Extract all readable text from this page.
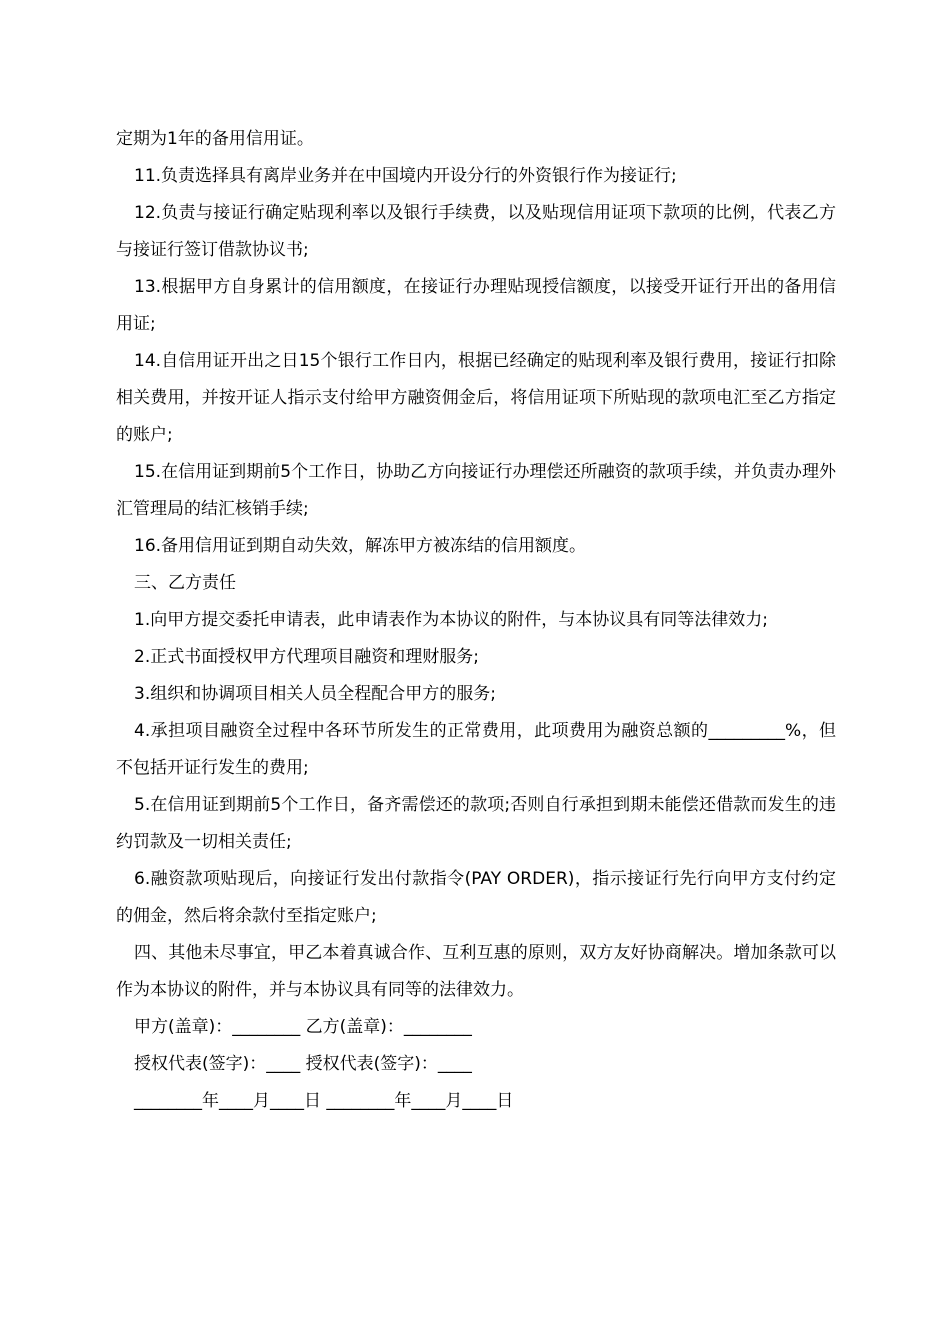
定期为1年的备用信用证。

11.负责选择具有离岸业务并在中国境内开设分行的外资银行作为接证行;

12.负责与接证行确定贴现利率以及银行手续费，以及贴现信用证项下款项的比例，代表乙方与接证行签订借款协议书;

13.根据甲方自身累计的信用额度，在接证行办理贴现授信额度，以接受开证行开出的备用信用证;

14.自信用证开出之日15个银行工作日内，根据已经确定的贴现利率及银行费用，接证行扣除相关费用，并按开证人指示支付给甲方融资佣金后，将信用证项下所贴现的款项电汇至乙方指定的账户;

15.在信用证到期前5个工作日，协助乙方向接证行办理偿还所融资的款项手续，并负责办理外汇管理局的结汇核销手续;

16.备用信用证到期自动失效，解冻甲方被冻结的信用额度。

三、乙方责任

1.向甲方提交委托申请表，此申请表作为本协议的附件，与本协议具有同等法律效力;

2.正式书面授权甲方代理项目融资和理财服务;

3.组织和协调项目相关人员全程配合甲方的服务;

4.承担项目融资全过程中各环节所发生的正常费用，此项费用为融资总额的_________%，但不包括开证行发生的费用;

5.在信用证到期前5个工作日，备齐需偿还的款项;否则自行承担到期未能偿还借款而发生的违约罚款及一切相关责任;

6.融资款项贴现后，向接证行发出付款指令(PAY ORDER)，指示接证行先行向甲方支付约定的佣金，然后将余款付至指定账户;

四、其他未尽事宜，甲乙本着真诚合作、互利互惠的原则，双方友好协商解决。增加条款可以作为本协议的附件，并与本协议具有同等的法律效力。

甲方(盖章)：________ 乙方(盖章)：________

授权代表(签字)：____ 授权代表(签字)：____

________年____月____日 ________年____月____日
